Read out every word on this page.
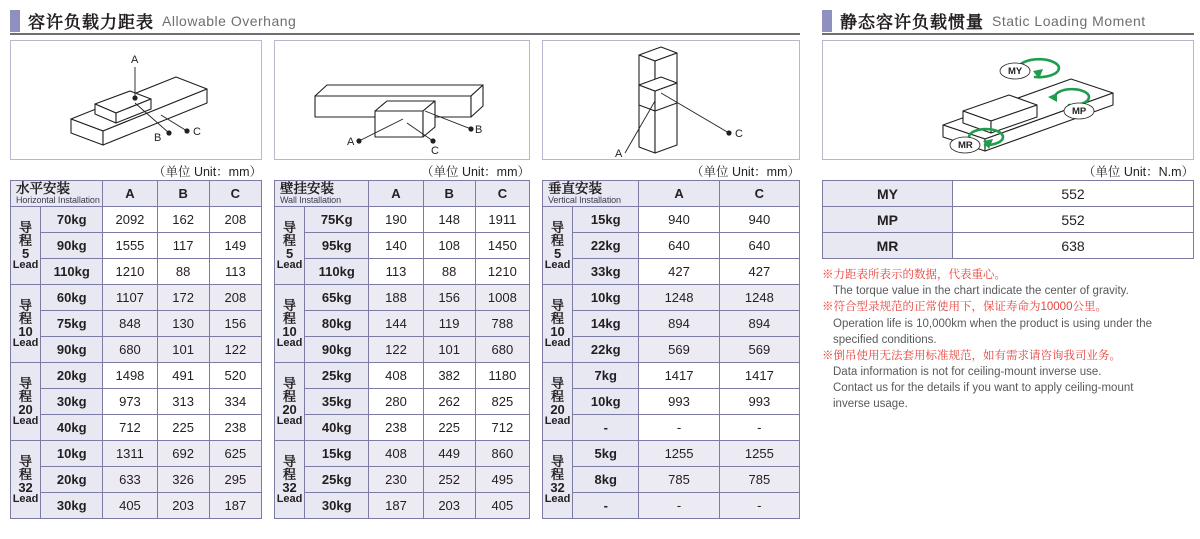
容许负载力距表 Allowable Overhang	静态容许负载惯量 Static Loading Moment
A
B	C
A
B
C
C
A
MY
MP
MR
（单位 Unit：mm）	（单位 Unit：mm）	（单位 Unit：mm）	（单位 Unit：N.m）
水平安装
Horizontal Installation		A	B	C

导
程
5
Lead	70kg	2092	162	208
	90kg	1555	117	149
	110kg	1210	88	113

导
程
10
Lead	60kg	1107	172	208
	75kg	848	130	156
	90kg	680	101	122

导
程
20
Lead	20kg	1498	491	520
	30kg	973	313	334
	40kg	712	225	238

导
程
32
Lead	10kg	1311	692	625
	20kg	633	326	295
	30kg	405	203	187
壁挂安装
Wall Installation		A	B	C

导
程
5
Lead	75Kg	190	148	1911
	95kg	140	108	1450
	110kg	113	88	1210

导
程
10
Lead	65kg	188	156	1008
	80kg	144	119	788
	90kg	122	101	680

导
程
20
Lead	25kg	408	382	1180
	35kg	280	262	825
	40kg	238	225	712

导
程
32
Lead	15kg	408	449	860
	25kg	230	252	495
	30kg	187	203	405
垂直安装
Vertical Installation		A	C

导
程
5
Lead	15kg	940	940
	22kg	640	640
	33kg	427	427

导
程
10
Lead	10kg	1248	1248
	14kg	894	894
	22kg	569	569

导
程
20
Lead	7kg	1417	1417
	10kg	993	993
	-	-	-

导
程
32
Lead	5kg	1255	1255
	8kg	785	785
	-	-	-
MY	552
MP	552
MR	638

※力距表所表示的数据，代表重心。

The torque value in the chart indicate the center of gravity.

※符合型录规范的正常使用下，保证寿命为10000公里。

Operation life is 10,000km when the product is using under the

specified conditions.

※倒吊使用无法套用标准规范，如有需求请咨询我司业务。

Data information is not for ceiling-mount inverse use.

Contact us for the details if you want to apply ceiling-mount

inverse usage.
